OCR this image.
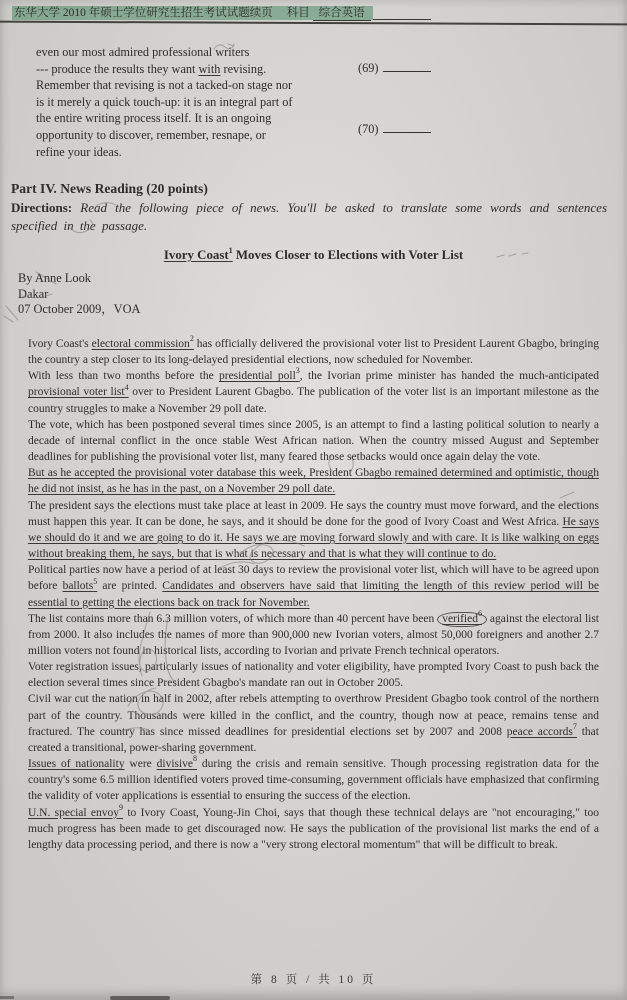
东华大学 2010 年硕士学位研究生招生考试试题续页 科目 综合英语
even our most admired professional writers
--- produce the results they want with revising.
Remember that revising is not a tacked-on stage nor
is it merely a quick touch-up: it is an integral part of
the entire writing process itself. It is an ongoing
opportunity to discover, remember, resnape, or
refine your ideas.
(69)
(70)
Part IV. News Reading (20 points)
Directions: Read the following piece of news. You'll be asked to translate some words and sentences specified in the passage.
Ivory Coast$^1$ Moves Closer to Elections with Voter List
By Anne Look
Dakar
07 October 2009，VOA

Ivory Coast's electoral commission$^2$ has officially delivered the provisional voter list to President Laurent Gbagbo, bringing the country a step closer to its long-delayed presidential elections, now scheduled for November.

With less than two months before the presidential poll$^3$, the Ivorian prime minister has handed the much-anticipated provisional voter list$^4$ over to President Laurent Gbagbo. The publication of the voter list is an important milestone as the country struggles to make a November 29 poll date.

The vote, which has been postponed several times since 2005, is an attempt to find a lasting political solution to nearly a decade of internal conflict in the once stable West African nation. When the country missed August and September deadlines for publishing the provisional voter list, many feared those setbacks would once again delay the vote.

But as he accepted the provisional voter database this week, President Gbagbo remained determined and optimistic, though he did not insist, as he has in the past, on a November 29 poll date.

The president says the elections must take place at least in 2009. He says the country must move forward, and the elections must happen this year. It can be done, he says, and it should be done for the good of Ivory Coast and West Africa. He says we should do it and we are going to do it. He says we are moving forward slowly and with care. It is like walking on eggs without breaking them, he says, but that is what is necessary and that is what they will continue to do.

Political parties now have a period of at least 30 days to review the provisional voter list, which will have to be agreed upon before ballots$^5$ are printed. Candidates and observers have said that limiting the length of this review period will be essential to getting the elections back on track for November.

The list contains more than 6.3 million voters, of which more than 40 percent have been verified$^6$ against the electoral list from 2000. It also includes the names of more than 900,000 new Ivorian voters, almost 50,000 foreigners and another 2.7 million voters not found in historical lists, according to Ivorian and private French technical operators.

Voter registration issues, particularly issues of nationality and voter eligibility, have prompted Ivory Coast to push back the election several times since President Gbagbo's mandate ran out in October 2005.

Civil war cut the nation in half in 2002, after rebels attempting to overthrow President Gbagbo took control of the northern part of the country. Thousands were killed in the conflict, and the country, though now at peace, remains tense and fractured. The country has since missed deadlines for presidential elections set by 2007 and 2008 peace accords$^7$ that created a transitional, power-sharing government.

Issues of nationality were divisive$^8$ during the crisis and remain sensitive. Though processing registration data for the country's some 6.5 million identified voters proved time-consuming, government officials have emphasized that confirming the validity of voter applications is essential to ensuring the success of the election.

U.N. special envoy$^9$ to Ivory Coast, Young-Jin Choi, says that though these technical delays are "not encouraging," too much progress has been made to get discouraged now. He says the publication of the provisional list marks the end of a lengthy data processing period, and there is now a "very strong electoral momentum" that will be difficult to break.

第 8 页 / 共 10 页
